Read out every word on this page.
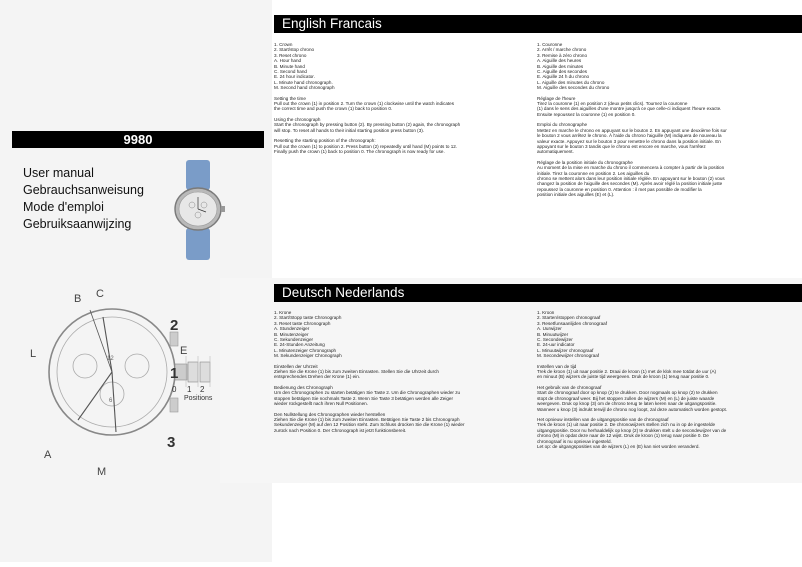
9980
User manual
Gebrauchsanweisung
Mode d'emploi
Gebruiksaanwijzing
B C
2
L	E
1
0 1 2
Positions
A
M
3
12
6
English Francais
1. Crown
2. Start/stop chrono
3. Reset chrono
A. Hour hand
B. Minute hand
C. Second hand
E. 24 hour indicator.
L. Minute hand chronograph.
M. Second hand chronograph
Setting the time
Pull out the crown (1) in position 2. Turn the crown (1) clockwise until the watch indicates
the correct time and push the crown (1) back to position 0.
Using the chronograph
Start the chronograph by pressing button (2). By pressing button (2) again, the chronograph
will stop. To reset all hands to their initial starting position press button (3).
Resetting the starting position of the chronograph:
Pull out the crown (1) to position 2. Press button (2) repeatedly until hand (M) points to 12.
Finally push the crown (1) back to position 0. The chronograph is now ready for use.
1. Couronne
2. Arrêt / marche chrono
3. Remise à zéro chrono
A. Aiguille des heures
B. Aiguille des minutes
C. Aiguille des secondes
E. Aiguille 24 h du chrono
L. Aiguille des minutes du chrono
M. Aiguille des secondes du chrono
Réglage de l'heure
Tirez la couronne (1) en position 2 (deux petits clics). Tournez la couronne
(1) dans le sens des aiguilles d'une montre jusqu'à ce que celle-ci indiquent l'heure exacte.
Ensuite repoussez la couronne (1) en position 0.
Emploi du chronographe
Mettez en marche le chrono en appuyant sur le bouton 2. En appuyant une deuxième fois sur
le bouton 2 vous arrêtez le chrono. À l'aide du chrono l'aiguille (M) indiquera de nouveau la
valeur exacte. Appuyez sur le bouton 3 pour remettre le chrono dans la position initiale. En
appuyant sur le bouton 3 tandis que le chrono est encore en marche, vous l'arrêtez
automatiquement.
Réglage de la position initiale du chronographe
Au moment de la mise en marche du chrono il commencera à compter à partir de la position
initiale. Tirez la couronne en position 2. Les aiguilles du
chrono se mettent alors dans leur position initiale réglée. En appuyant sur le bouton (2) vous
changez la position de l'aiguille des secondes (M). Après avoir réglé la position initiale juste
repoussez la couronne en position 0. Attention : il met pas possible de modifier la
position initiale des aiguilles (E) et (L).
Deutsch Nederlands
1. Krone
2. Start/Stopp taste Chronograph
3. Reset taste Chronograph
A. Stundenzeiger
B. Minutenzeiger
C. Sekundenzeiger
E. 24-Stunden Anzeitung
L. Minutenzeiger Chronograph
M. Sekundenzeiger Chronograph
Einstellen der Uhrzeit
Ziehen Sie die Krone (1) bis zum zweiten Einrasten. Stellen Sie die Uhrzeit durch
entsprechendes Drehen der Krone (1) ein.
Bedienung des Chronograph
Um den Chronographen zu starten betätigen Sie Taste 2. Um die Chronographen wieder zu
stoppen betätigen Sie nochmals Taste 2. Wenn Sie Taste 3 betätigen werden alle Zeiger
wieder rückgestellt nach ihren Null Positionen.
Den Nullstellung des Chronographen wieder herstellen
Ziehen Sie die Krone (1) bis zum zweiten Einrasten. Betätigen Sie Taste 2 bis Chronograph
Sekundenzeiger (M) auf den 12 Position steht. Zum Schluss drücken Sie die Krone (1) wieder
zurück nach Position 0. Der Chronograph ist jetzt funktionsbereit.
1. Kroon
2. Starten/stoppen chronograaf
3. Resetfunsaanlijden chronograaf
A. Uurwijzer
B. Minuutwijzer
C. Secondewijzer
E. 24-uur indicator
L. Minuutwijzer chronograaf
M. Secondewijzer chronograaf
Instellen van de tijd
Trek de kroon (1) uit naar positie 2. Draai de kroon (1) met de klok mee totdat de uur (A)
en minuut (B) wijzers de juiste tijd weergeven. Druk de kroon (1) terug naar positie 0.
Het gebruik van de chronograaf
Start de chronograaf door op knop (2) te drukken. Door nogmaals op knop (2) te drukken
stopt de chronograaf weer. Bij het stoppen zullen de wijzers (M) en (L) de juiste waarde
weergeven. Druk op knop (3) om de chrono terug te laten keren naar de uitgangspositie.
Wanneer u knop (3) indrukt terwijl de chrono nog loopt, zal deze automatisch worden gestopt.
Het opnieuw instellen van de uitgangspositie van de chronograaf
Trek de kroon (1) uit naar positie 2. De chronowijzers stellen zich nu in op de ingestelde
uitgangspositie. Door nu herhaaldelijk op knop (2) te drukken stelt u de secondewijzer van de
chrono (M) in opdat deze naar de 12 wijst. Druk de kroon (1) terug naar positie 0. De
chronograaf is nu opnieuw ingesteld.
Let op: de uitgangsposities van de wijzers (L) en (E) kan niet worden veranderd.
